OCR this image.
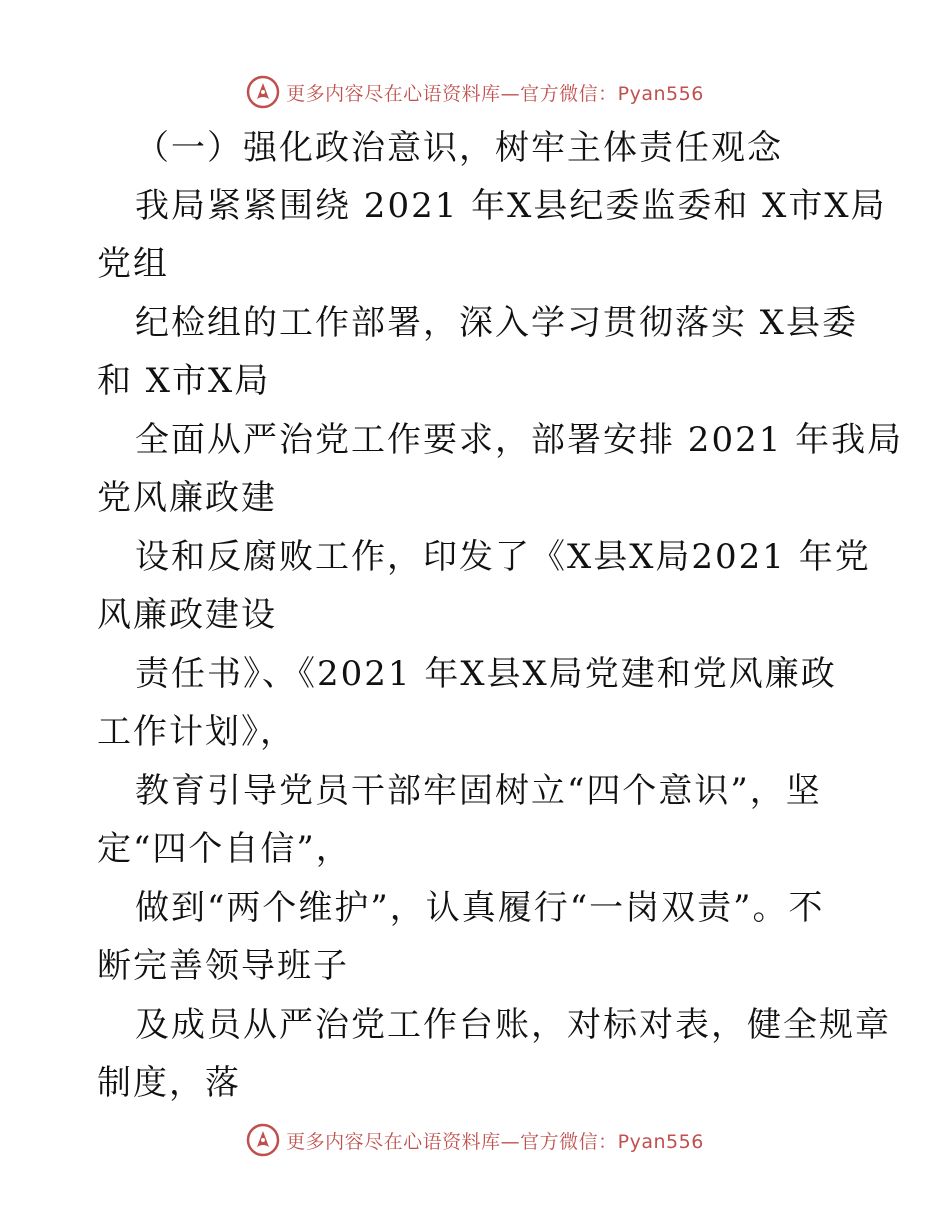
更多内容尽在心语资料库—官方微信：Pyan556
（一）强化政治意识，树牢主体责任观念
我局紧紧围绕 2021 年X县纪委监委和 X市X局
党组
纪检组的工作部署，深入学习贯彻落实 X县委
和 X市X局
全面从严治党工作要求，部署安排 2021 年我局
党风廉政建
设和反腐败工作，印发了《X县X局2021 年党
风廉政建设
责任书》、《2021 年X县X局党建和党风廉政
工作计划》，
教育引导党员干部牢固树立“四个意识”，坚
定“四个自信”，
做到“两个维护”，认真履行“一岗双责”。不
断完善领导班子
及成员从严治党工作台账，对标对表，健全规章
制度，落
更多内容尽在心语资料库—官方微信：Pyan556
